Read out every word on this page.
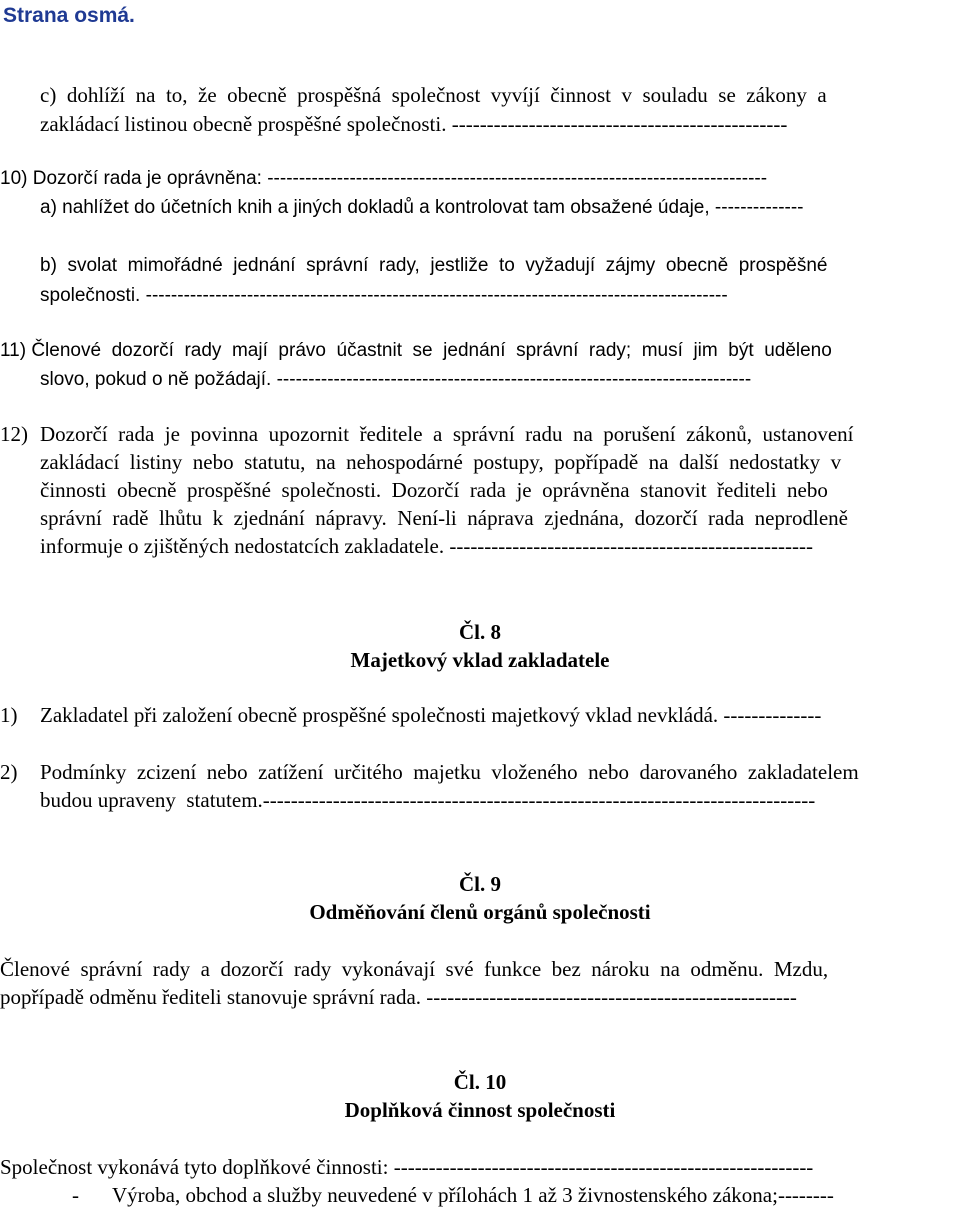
Strana osmá.
c)  dohlíží  na  to,  že  obecně  prospěšná  společnost  vyvíjí  činnost  v  souladu  se  zákony  a
zakládací listinou obecně prospěšné společnosti. ------------------------------------------------
10) Dozorčí rada je oprávněna: -------------------------------------------------------------------------------
a) nahlížet do účetních knih a jiných dokladů a kontrolovat tam obsažené údaje, --------------
b)  svolat  mimořádné  jednání  správní  rady,  jestliže  to  vyžadují  zájmy  obecně  prospěšné
společnosti. --------------------------------------------------------------------------------------------
11) Členové  dozorčí  rady  mají  právo  účastnit  se  jednání  správní  rady;  musí  jim  být  uděleno
slovo, pokud o ně požádají. ---------------------------------------------------------------------------
12) Dozorčí  rada  je  povinna  upozornit  ředitele  a  správní  radu  na  porušení  zákonů,  ustanovení
zakládací  listiny  nebo  statutu,  na  nehospodárné  postupy,  popřípadě  na  další  nedostatky  v
činnosti  obecně  prospěšné  společnosti.  Dozorčí  rada  je  oprávněna  stanovit  řediteli  nebo
správní  radě  lhůtu  k  zjednání  nápravy.  Není-li  náprava  zjednána,  dozorčí  rada  neprodleně
informuje o zjištěných nedostatcích zakladatele. ----------------------------------------------------
Čl. 8
Majetkový vklad zakladatele
1) Zakladatel při založení obecně prospěšné společnosti majetkový vklad nevkládá. --------------
2) Podmínky  zcizení  nebo  zatížení  určitého  majetku  vloženého  nebo  darovaného  zakladatelem
budou upraveny  statutem.-------------------------------------------------------------------------------
Čl. 9
Odměňování členů orgánů společnosti
Členové  správní  rady  a  dozorčí  rady  vykonávají  své  funkce  bez  nároku  na  odměnu.  Mzdu,
popřípadě odměnu řediteli stanovuje správní rada. -----------------------------------------------------
Čl. 10
Doplňková činnost společnosti
Společnost vykonává tyto doplňkové činnosti: ------------------------------------------------------------
-	Výroba, obchod a služby neuvedené v přílohách 1 až 3 živnostenského zákona;--------
